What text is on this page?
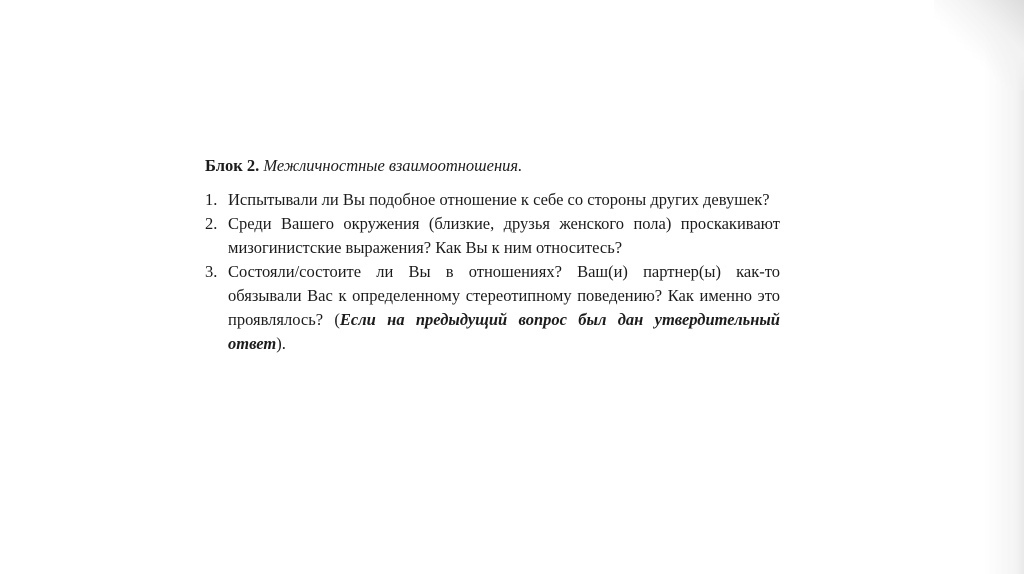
Блок 2. Межличностные взаимоотношения.

1. Испытывали ли Вы подобное отношение к себе со стороны других девушек?
2. Среди Вашего окружения (близкие, друзья женского пола) проскакивают мизогинистские выражения? Как Вы к ним относитесь?
3. Состояли/состоите ли Вы в отношениях? Ваш(и) партнер(ы) как-то обязывали Вас к определенному стереотипному поведению? Как именно это проявлялось? (Если на предыдущий вопрос был дан утвердительный ответ).
